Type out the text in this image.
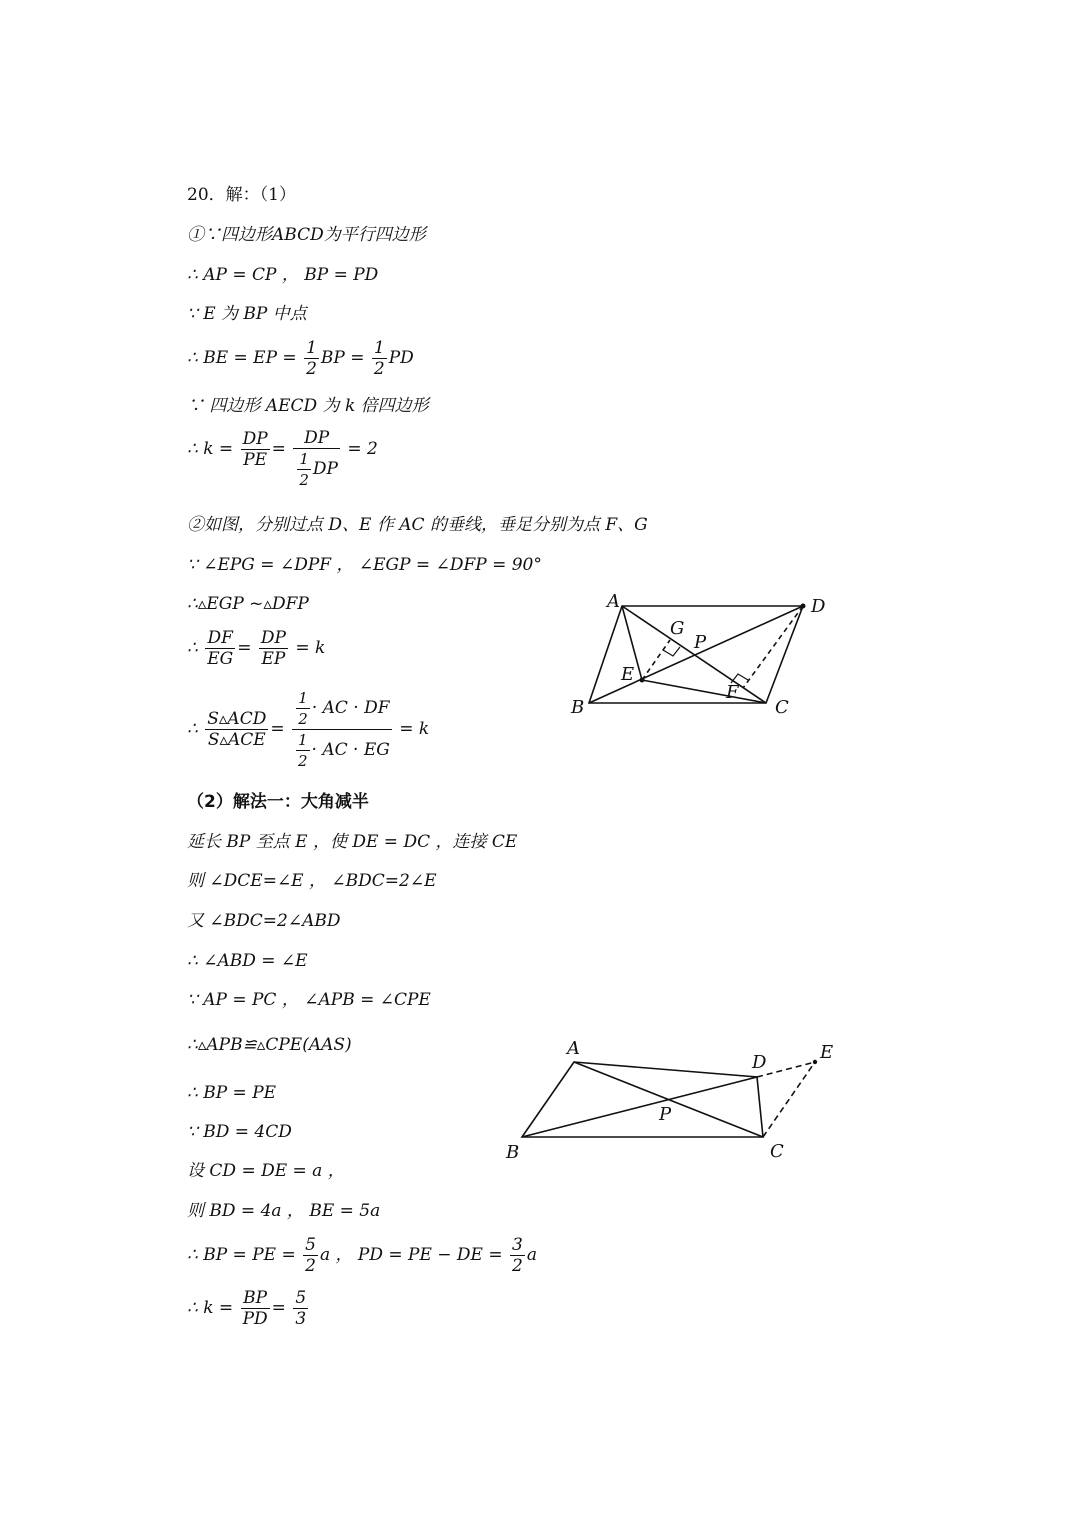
20．解：（1）
①∵四边形ABCD为平行四边形
∴ AP = CP ， BP = PD
∵ E 为 BP 中点
∴ BE = EP = $\frac{1}{2}$ BP = $\frac{1}{2}$ PD
∵ 四边形 AECD 为 k 倍四边形
∴ $k = \frac{DP}{PE} = \frac{DP}{\frac{1}{2} DP} = 2$
②如图，分别过点 D、E 作 AC 的垂线，垂足分别为点 F、G
∵ ∠EPG = ∠DPF ， ∠EGP = ∠DFP = 90°
∴▵EGP ~▵DFP
∴ $\frac{DF}{EG} = \frac{DP}{EP} = k$
∴ $\frac{\text{S▵ACD}}{\text{S▵ACE}} = \frac{\frac{1}{2} \cdot AC \cdot DF}{\frac{1}{2} \cdot AC \cdot EG} = k$
（2）解法一：大角减半
延长 BP 至点 E ，使 DE = DC ，连接 CE
则 ∠DCE=∠E ， ∠BDC=2∠E
又 ∠BDC=2∠ABD
∴ ∠ABD = ∠E
∵ AP = PC ， ∠APB = ∠CPE
∴▵APB≌▵CPE(AAS)
∴ BP = PE
∵ BD = 4CD
设 CD = DE = a ，
则 BD = 4a ， BE = 5a
∴ BP = PE = $\frac{5}{2}$ a ， PD = PE − DE = $\frac{3}{2}$ a
∴ $k = \frac{BP}{PD} = \frac{5}{3}$
A	D
G
P
E
F
B	C
A
D	E
P
B	C
